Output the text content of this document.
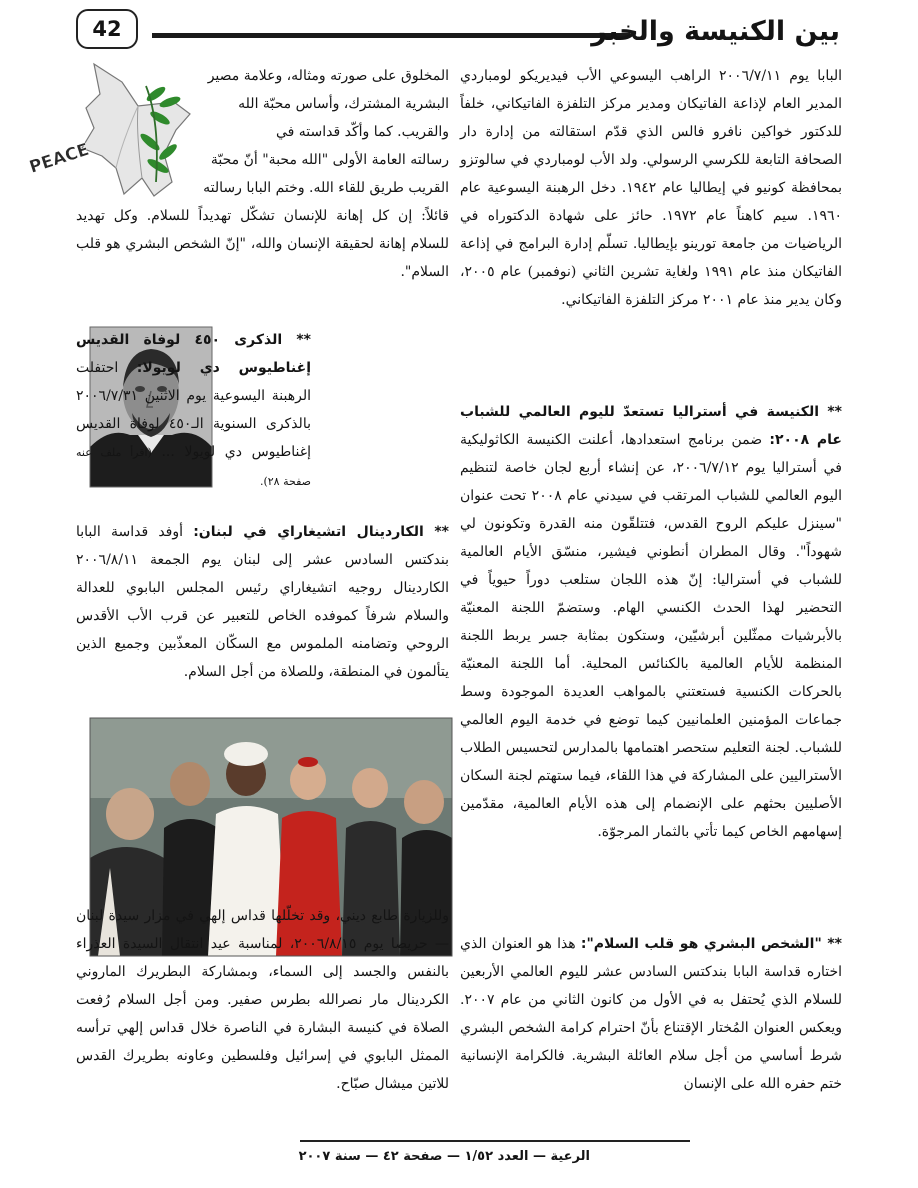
42	بين الكنيسة والخبر

البابا يوم ٢٠٠٦/٧/١١ الراهب اليسوعي الأب فيديريكو لومباردي المدير العام لإذاعة الفاتيكان ومدير مركز التلفزة الفاتيكاني، خلفاً للدكتور خواكين نافرو فالس الذي قدّم استقالته من إدارة دار الصحافة التابعة للكرسي الرسولي. ولد الأب لومباردي في سالوتزو بمحافظة كونيو في إيطاليا عام ١٩٤٢. دخل الرهبنة اليسوعية عام ١٩٦٠. سيم كاهناً عام ١٩٧٢. حائز على شهادة الدكتوراه في الرياضيات من جامعة تورينو بإيطاليا. تسلّم إدارة البرامج في إذاعة الفاتيكان منذ عام ١٩٩١ ولغاية تشرين الثاني (نوفمبر) عام ٢٠٠٥، وكان يدير منذ عام ٢٠٠١ مركز التلفزة الفاتيكاني.

** الكنيسة في أستراليا تستعدّ لليوم العالمي للشباب عام ٢٠٠٨: ضمن برنامج استعدادها، أعلنت الكنيسة الكاثوليكية في أستراليا يوم ٢٠٠٦/٧/١٢، عن إنشاء أربع لجان خاصة لتنظيم اليوم العالمي للشباب المرتقب في سيدني عام ٢٠٠٨ تحت عنوان "سينزل عليكم الروح القدس، فتتلقّون منه القدرة وتكونون لي شهوداً". وقال المطران أنطوني فيشير، منسّق الأيام العالمية للشباب في أستراليا: إنّ هذه اللجان ستلعب دوراً حيوياً في التحضير لهذا الحدث الكنسي الهام. وستضمّ اللجنة المعنيّة بالأبرشيات ممثّلين أبرشيّين، وستكون بمثابة جسر يربط اللجنة المنظمة للأيام العالمية بالكنائس المحلية. أما اللجنة المعنيّة بالحركات الكنسية فستعتني بالمواهب العديدة الموجودة وسط جماعات المؤمنين العلمانيين كيما توضع في خدمة اليوم العالمي للشباب. لجنة التعليم ستحصر اهتمامها بالمدارس لتحسيس الطلاب الأستراليين على المشاركة في هذا اللقاء، فيما ستهتم لجنة السكان الأصليين بحثهم على الإنضمام إلى هذه الأيام العالمية، مقدّمين إسهامهم الخاص كيما تأتي بالثمار المرجوّة.

** "الشخص البشري هو قلب السلام": هذا هو العنوان الذي اختاره قداسة البابا بندكتس السادس عشر لليوم العالمي الأربعين للسلام الذي يُحتفل به في الأول من كانون الثاني من عام ٢٠٠٧. ويعكس العنوان المُختار الإقتناع بأنّ احترام كرامة الشخص البشري شرط أساسي من أجل سلام العائلة البشرية. فالكرامة الإنسانية ختم حفره الله على الإنسان

PEACE
المخلوق على صورته ومثاله، وعلامة مصير
البشرية المشترك، وأساس محبّة الله
والقريب. كما وأكّد قداسته في
رسالته العامة الأولى "الله محبة" أنّ محبّة
القريب طريق للقاء الله. وختم البابا رسالته

قائلاً: إن كل إهانة للإنسان تشكّل تهديداً للسلام. وكل تهديد للسلام إهانة لحقيقة الإنسان والله، "إنّ الشخص البشري هو قلب السلام".

** الذكرى ٤٥٠ لوفاة القديس إغناطيوس دي لويولا: احتفلت الرهبنة اليسوعية يوم الاثنين ٢٠٠٦/٧/٣١ بالذكرى السنوية الـ٤٥٠ لوفاة القديس إغناطيوس دي لويولا ... (اقرأ ملف عنه صفحة ٢٨).

** الكاردينال اتشيغاراي في لبنان: أوفد قداسة البابا بندكتس السادس عشر إلى لبنان يوم الجمعة ٢٠٠٦/٨/١١ الكاردينال روجيه اتشيغاراي رئيس المجلس البابوي للعدالة والسلام شرفاً كموفده الخاص للتعبير عن قرب الأب الأقدس الروحي وتضامنه الملموس مع السكّان المعذّبين وجميع الذين يتألمون في المنطقة، وللصلاة من أجل السلام.

وللزيارة طابع ديني، وقد تخلّلها قداس إلهي في مزار سيدة لبنان — حريصا يوم ٢٠٠٦/٨/١٥، لمناسبة عيد انتقال السيدة العذراء بالنفس والجسد إلى السماء، وبمشاركة البطريرك الماروني الكردينال مار نصرالله بطرس صفير. ومن أجل السلام رُفعت الصلاة في كنيسة البشارة في الناصرة خلال قداس إلهي ترأسه الممثل البابوي في إسرائيل وفلسطين وعاونه بطريرك القدس للاتين ميشال صبّاح.

الرعية — العدد ١/٥٢ — صفحة ٤٢ — سنة ٢٠٠٧
